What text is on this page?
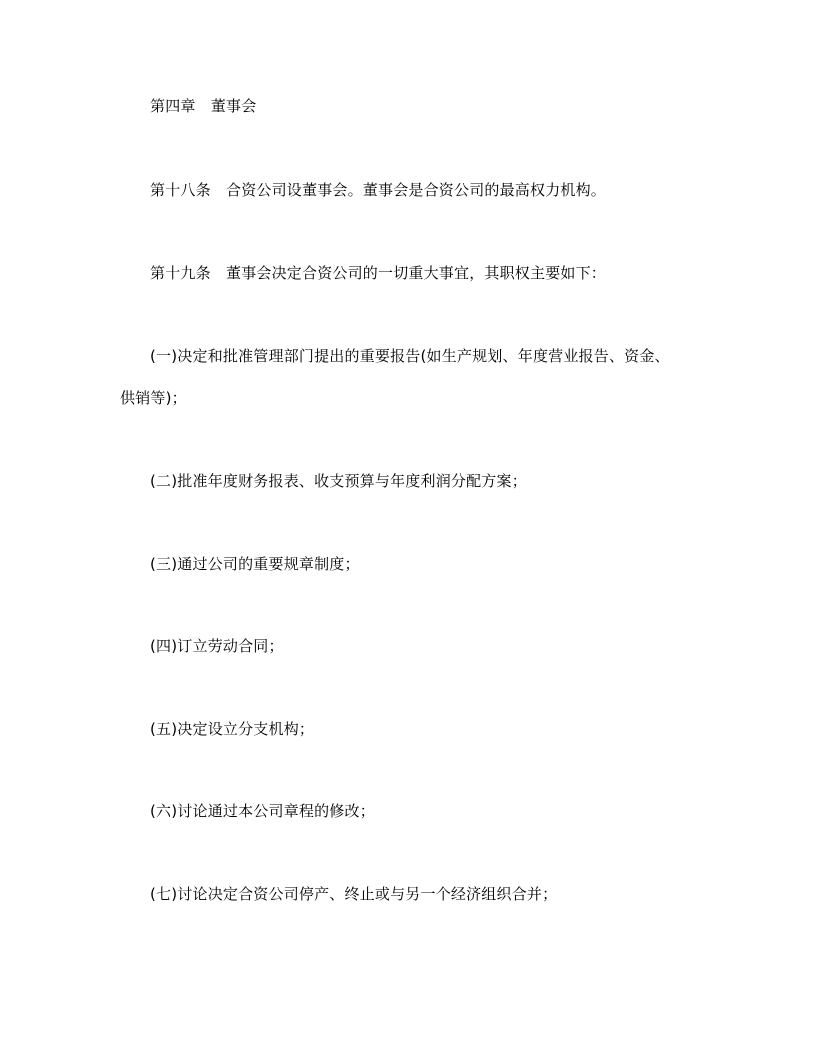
第四章　董事会
第十八条　合资公司设董事会。董事会是合资公司的最高权力机构。
第十九条　董事会决定合资公司的一切重大事宜，其职权主要如下：
(一)决定和批准管理部门提出的重要报告(如生产规划、年度营业报告、资金、
供销等)；
(二)批准年度财务报表、收支预算与年度利润分配方案；
(三)通过公司的重要规章制度；
(四)订立劳动合同；
(五)决定设立分支机构；
(六)讨论通过本公司章程的修改；
(七)讨论决定合资公司停产、终止或与另一个经济组织合并；
